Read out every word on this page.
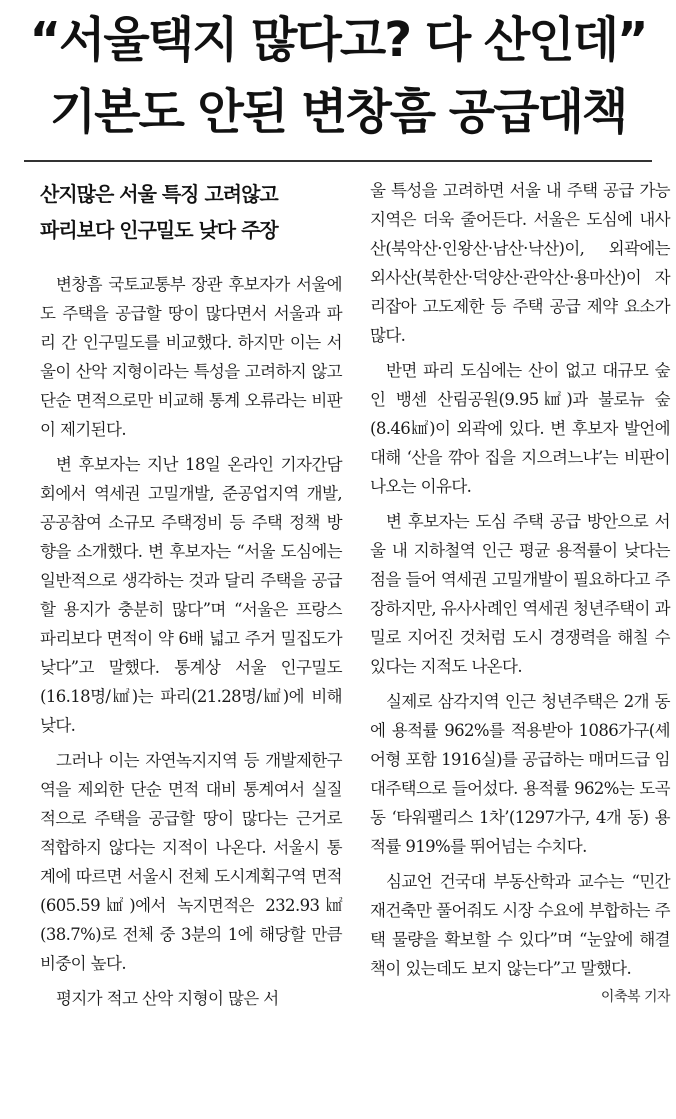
“서울택지 많다고? 다 산인데”
기본도 안된 변창흠 공급대책
산지많은 서울 특징 고려않고
파리보다 인구밀도 낮다 주장

변창흠 국토교통부 장관 후보자가 서울에도 주택을 공급할 땅이 많다면서 서울과 파리 간 인구밀도를 비교했다. 하지만 이는 서울이 산악 지형이라는 특성을 고려하지 않고 단순 면적으로만 비교해 통계 오류라는 비판이 제기된다.

변 후보자는 지난 18일 온라인 기자간담회에서 역세권 고밀개발, 준공업지역 개발, 공공참여 소규모 주택정비 등 주택 정책 방향을 소개했다. 변 후보자는 “서울 도심에는 일반적으로 생각하는 것과 달리 주택을 공급할 용지가 충분히 많다”며 “서울은 프랑스 파리보다 면적이 약 6배 넓고 주거 밀집도가 낮다”고 말했다. 통계상 서울 인구밀도(16.18명/㎢)는 파리(21.28명/㎢)에 비해 낮다.

그러나 이는 자연녹지지역 등 개발제한구역을 제외한 단순 면적 대비 통계여서 실질적으로 주택을 공급할 땅이 많다는 근거로 적합하지 않다는 지적이 나온다. 서울시 통계에 따르면 서울시 전체 도시계획구역 면적(605.59㎢)에서 녹지면적은 232.93㎢(38.7%)로 전체 중 3분의 1에 해당할 만큼 비중이 높다.

평지가 적고 산악 지형이 많은 서

울 특성을 고려하면 서울 내 주택 공급 가능지역은 더욱 줄어든다. 서울은 도심에 내사산(북악산·인왕산·남산·낙산)이, 외곽에는 외사산(북한산·덕양산·관악산·용마산)이 자리잡아 고도제한 등 주택 공급 제약 요소가 많다.

반면 파리 도심에는 산이 없고 대규모 숲인 뱅센 산림공원(9.95㎢)과 불로뉴 숲(8.46㎢)이 외곽에 있다. 변 후보자 발언에 대해 ‘산을 깎아 집을 지으려느냐’는 비판이 나오는 이유다.

변 후보자는 도심 주택 공급 방안으로 서울 내 지하철역 인근 평균 용적률이 낮다는 점을 들어 역세권 고밀개발이 필요하다고 주장하지만, 유사사례인 역세권 청년주택이 과밀로 지어진 것처럼 도시 경쟁력을 해칠 수 있다는 지적도 나온다.

실제로 삼각지역 인근 청년주택은 2개 동에 용적률 962%를 적용받아 1086가구(셰어형 포함 1916실)를 공급하는 매머드급 임대주택으로 들어섰다. 용적률 962%는 도곡동 ‘타워팰리스 1차’(1297가구, 4개 동) 용적률 919%를 뛰어넘는 수치다.

심교언 건국대 부동산학과 교수는 “민간 재건축만 풀어줘도 시장 수요에 부합하는 주택 물량을 확보할 수 있다”며 “눈앞에 해결책이 있는데도 보지 않는다”고 말했다.
이축복 기자
